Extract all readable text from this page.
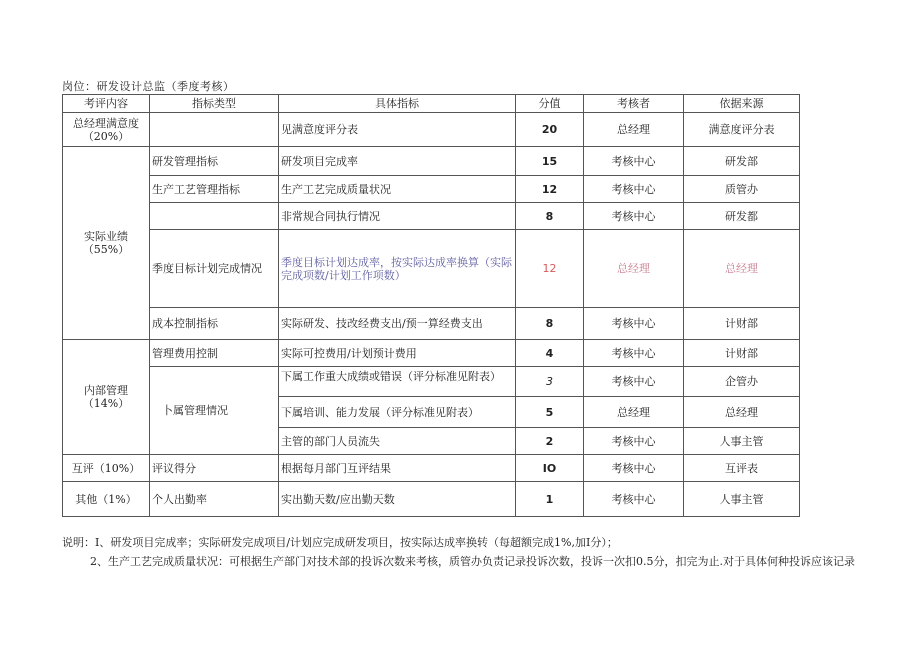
岗位：研发设计总监（季度考核）
考评内容	指标类型	具体指标	分值	考核者	依据来源
总经理满意度（20%）		见满意度评分表	20	总经理	满意度评分表
实际业绩（55%）	研发管理指标	研发项目完成率	15	考核中心	研发部
	生产工艺管理指标	生产工艺完成质量状况	12	考核中心	质管办
		非常规合同执行情况	8	考核中心	研发都
	季度目标计划完成情况	季度目标计划达成率，按实际达成率换算（实际完成项数/计划工作项数）	12	总经理	总经理
	成本控制指标	实际研发、技改经费支出/预一算经费支出	8	考核中心	计财部
内部管理（14%）	管理费用控制	实际可控费用/计划预计费用	4	考核中心	计财部
	卜属管理情况	下属工作重大成绩或错误（评分标准见附表）	3	考核中心	企管办
		下属培训、能力发展（评分标准见附表）	5	总经理	总经理
		主管的部门人员流失	2	考核中心	人事主管
互评（10%）	评议得分	根据每月部门互评结果	IO	考核中心	互评表
其他（1%）	个人出勤率	实出勤天数/应出勤天数	1	考核中心	人事主管
说明：I、研发项目完成率；实际研发完成项目/计划应完成研发项目，按实际达成率换转（每超额完成1%,加I分）；
2、生产工艺完成质量状况：可根据生产部门对技术部的投诉次数来考核，质管办负责记录投诉次数，投诉一次扣0.5分，扣完为止.对于具体何种投诉应该记录
